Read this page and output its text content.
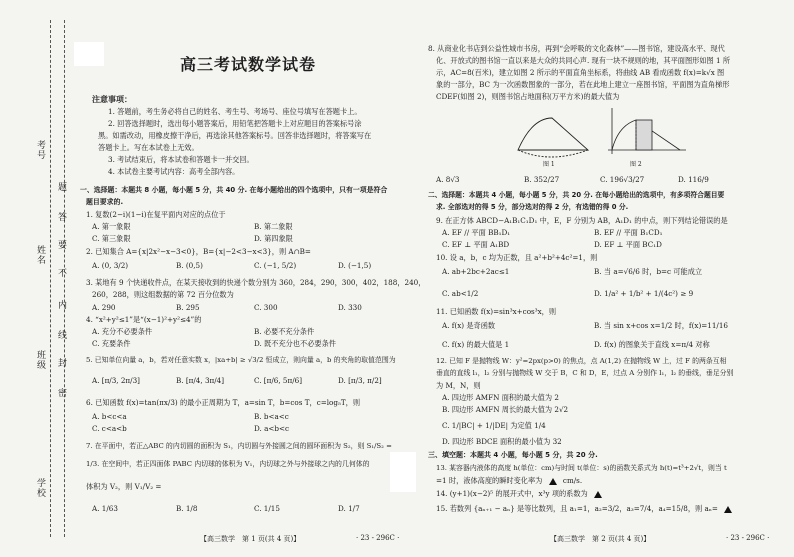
考号
姓名
班级
学校
题
答
要
不
内
线
封
密
高三考试数学试卷
注意事项：
1. 答题前，考生务必将自己的姓名、考生号、考场号、座位号填写在答题卡上。
2. 回答选择题时，选出每小题答案后，用铅笔把答题卡上对应题目的答案标号涂
黑。如需改动，用橡皮擦干净后，再选涂其他答案标号。回答非选择题时，将答案写在
答题卡上。写在本试卷上无效。
3. 考试结束后，将本试卷和答题卡一并交回。
4. 本试卷主要考试内容：高考全部内容。
一、选择题：本题共 8 小题，每小题 5 分，共 40 分. 在每小题给出的四个选项中，只有一项是符合
题目要求的.
1. 复数(2−i)(1−i)在复平面内对应的点位于
A. 第一象限	B. 第二象限
C. 第三象限	D. 第四象限
2. 已知集合 A={x|2x²−x−3<0}，B={x|−2<3−x<3}，则 A∩B=
A. (0, 3/2)	B. (0,5)	C. (−1, 5/2)	D. (−1,5)
3. 某地有 9 个快递收件点，在某天接收到的快递个数分别为 360，284，290，300，402，188，240，
260，288，则这组数据的第 72 百分位数为
A. 290	B. 295	C. 300	D. 330
4. “x²+y²≤1”是“(x−1)²+y²≤4”的
A. 充分不必要条件	B. 必要不充分条件
C. 充要条件	D. 既不充分也不必要条件
5. 已知单位向量 a，b，若对任意实数 x，|xa+b| ≥ √3/2 恒成立，则向量 a，b 的夹角的取值范围为
A. [π/3, 2π/3]	B. [π/4, 3π/4]	C. [π/6, 5π/6]	D. [π/3, π/2]
6. 已知函数 f(x)=tan(πx/3) 的最小正周期为 T，a=sin T，b=cos T，c=log₅T，则
A. b<c<a	B. b<a<c
C. c<a<b	D. a<b<c
7. 在平面中，若正△ABC 的内切圆的面积为 S₁，内切圆与外接圆之间的圆环面积为 S₂，则 S₁/S₂ =
1/3. 在空间中，若正四面体 PABC 内切球的体积为 V₁，内切球之外与外接球之内的几何体的
体积为 V₂，则 V₁/V₂ =
A. 1/63	B. 1/8	C. 1/15	D. 1/7
【高三数学　第 1 页(共 4 页)】	· 23 - 296C ·
8. 从商业化书店到公益性城市书房，再到“会呼吸的文化森林”——图书馆，建设高水平、现代
化、开放式的图书馆一直以来是大众的共同心声. 现有一块不规则的地，其平面图形如图 1 所
示，AC=8(百米)，建立如图 2 所示的平面直角坐标系，将曲线 AB 看成函数 f(x)=k√x 图
象的一部分，BC 为一次函数图象的一部分，若在此地上建立一座图书馆，平面图为直角梯形
CDEF(如图 2)，则图书馆占地面积(万平方米)的最大值为
图 1	图 2
A. 8√3	B. 352/27	C. 196√3/27	D. 116/9
二、选择题：本题共 4 小题，每小题 5 分，共 20 分. 在每小题给出的选项中，有多项符合题目要
求. 全部选对的得 5 分，部分选对的得 2 分，有选错的得 0 分.
9. 在正方体 ABCD−A₁B₁C₁D₁ 中，E，F 分别为 AB，A₁D₁ 的中点，则下列结论错误的是
A. EF // 平面 BB₁D₁	B. EF // 平面 B₁CD₁
C. EF ⊥ 平面 A₁BD	D. EF ⊥ 平面 BC₁D
10. 设 a，b，c 均为正数，且 a²+b²+4c²=1，则
A. ab+2bc+2ac≤1	B. 当 a=√6/6 时，b=c 可能成立
C. ab<1/2	D. 1/a² + 1/b² + 1/(4c²) ≥ 9
11. 已知函数 f(x)=sin³x+cos³x，则
A. f(x) 是奇函数	B. 当 sin x+cos x=1/2 时，f(x)=11/16
C. f(x) 的最大值是 1	D. f(x) 的图象关于直线 x=π/4 对称
12. 已知 F 是抛物线 W：y²=2px(p>0) 的焦点，点 A(1,2) 在抛物线 W 上，过 F 的两条互相
垂直的直线 l₁，l₂ 分别与抛物线 W 交于 B，C 和 D，E，过点 A 分别作 l₁，l₂ 的垂线，垂足分别
为 M，N，则
A. 四边形 AMFN 面积的最大值为 2
B. 四边形 AMFN 周长的最大值为 2√2
C. 1/|BC| + 1/|DE| 为定值 1/4
D. 四边形 BDCE 面积的最小值为 32
三、填空题：本题共 4 小题，每小题 5 分，共 20 分.
13. 某容器内液体的高度 h(单位：cm)与时间 t(单位：s)的函数关系式为 h(t)=t³+2√t，则当 t
=1 时，液体高度的瞬时变化率为	cm/s.
14. (y+1)(x−2)⁵ 的展开式中，x³y 项的系数为
15. 若数列 {aₙ₊₁ − aₙ} 是等比数列，且 a₁=1，a₂=3/2，a₃=7/4，a₄=15/8，则 aₙ=
【高三数学　第 2 页(共 4 页)】	· 23 - 296C ·
